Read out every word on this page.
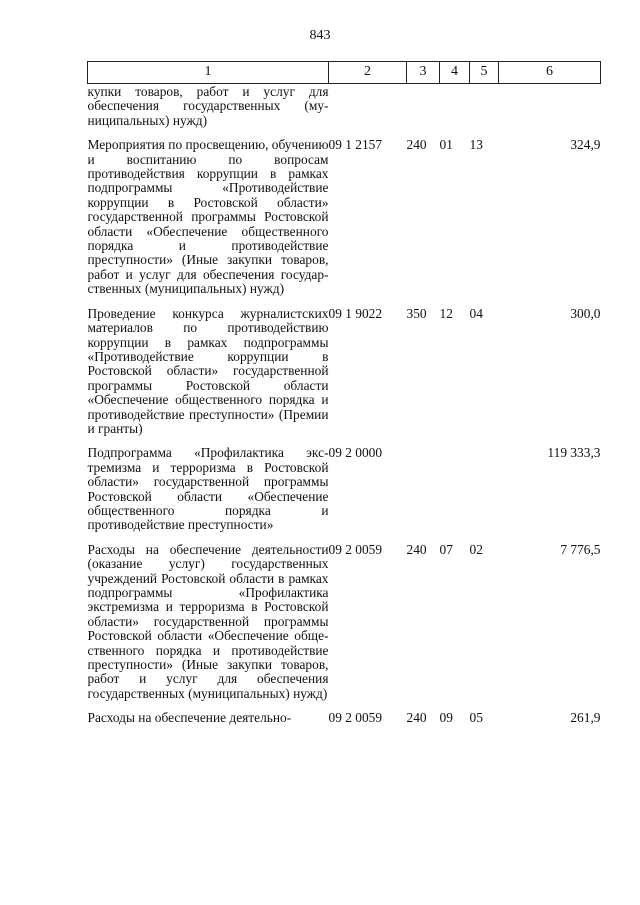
843
1	2	3	4	5	6
купки товаров, работ и услуг для обеспечения государственных (муниципальных) нужд)					
Мероприятия по просвещению, обучению и воспитанию по вопросам противодействия коррупции в рамках подпрограммы «Противодействие коррупции в Ростовской области» государственной программы Ростовской области «Обеспечение общественного порядка и противодействие преступности» (Иные закупки товаров, работ и услуг для обеспечения государственных (муниципальных) нужд)	09 1 2157	240	01	13	324,9
Проведение конкурса журналистских материалов по противодействию коррупции в рамках подпрограммы «Противодействие коррупции в Ростовской области» государственной программы Ростовской области «Обеспечение общественного порядка и противодействие преступности» (Премии и гранты)	09 1 9022	350	12	04	300,0
Подпрограмма «Профилактика экстремизма и терроризма в Ростовской области» государственной программы Ростовской области «Обеспечение общественного порядка и противодействие преступности»	09 2 0000				119 333,3
Расходы на обеспечение деятельности (оказание услуг) государственных учреждений Ростовской области в рамках подпрограммы «Профилактика экстремизма и терроризма в Ростовской области» государственной программы Ростовской области «Обеспечение общественного порядка и противодействие преступности» (Иные закупки товаров, работ и услуг для обеспечения государственных (муниципальных) нужд)	09 2 0059	240	07	02	7 776,5
Расходы на обеспечение деятельно-	09 2 0059	240	09	05	261,9
